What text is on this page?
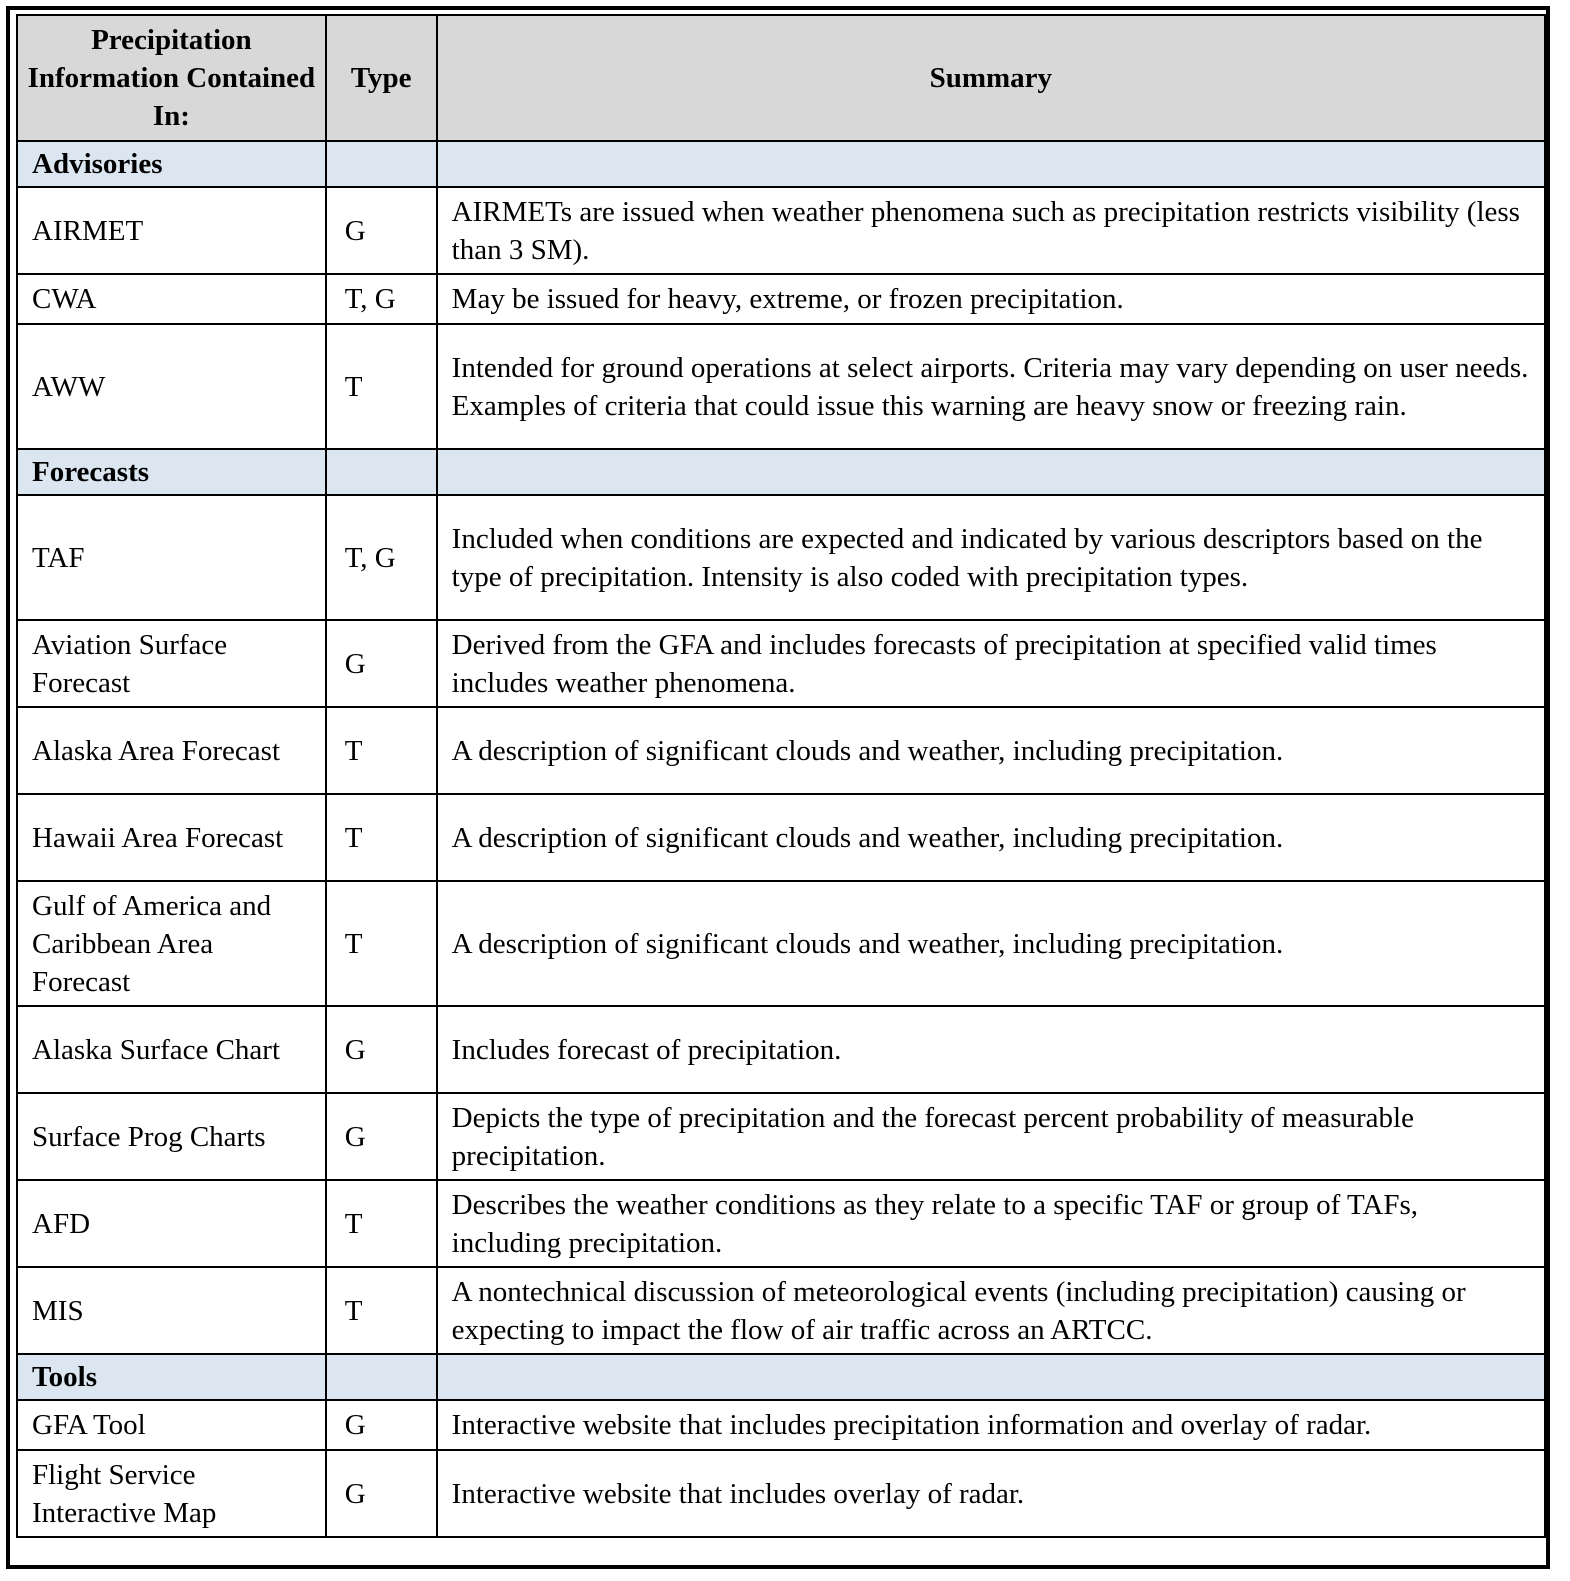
Precipitation Information Contained In:	Type	Summary
Advisories		
AIRMET	G	AIRMETs are issued when weather phenomena such as precipitation restricts visibility (less than 3 SM).
CWA	T, G	May be issued for heavy, extreme, or frozen precipitation.
AWW	T	Intended for ground operations at select airports. Criteria may vary depending on user needs. Examples of criteria that could issue this warning are heavy snow or freezing rain.
Forecasts		
TAF	T, G	Included when conditions are expected and indicated by various descriptors based on the type of precipitation. Intensity is also coded with precipitation types.
Aviation Surface Forecast	G	Derived from the GFA and includes forecasts of precipitation at specified valid times includes weather phenomena.
Alaska Area Forecast	T	A description of significant clouds and weather, including precipitation.
Hawaii Area Forecast	T	A description of significant clouds and weather, including precipitation.
Gulf of America and Caribbean Area Forecast	T	A description of significant clouds and weather, including precipitation.
Alaska Surface Chart	G	Includes forecast of precipitation.
Surface Prog Charts	G	Depicts the type of precipitation and the forecast percent probability of measurable precipitation.
AFD	T	Describes the weather conditions as they relate to a specific TAF or group of TAFs, including precipitation.
MIS	T	A nontechnical discussion of meteorological events (including precipitation) causing or expecting to impact the flow of air traffic across an ARTCC.
Tools		
GFA Tool	G	Interactive website that includes precipitation information and overlay of radar.
Flight Service Interactive Map	G	Interactive website that includes overlay of radar.
